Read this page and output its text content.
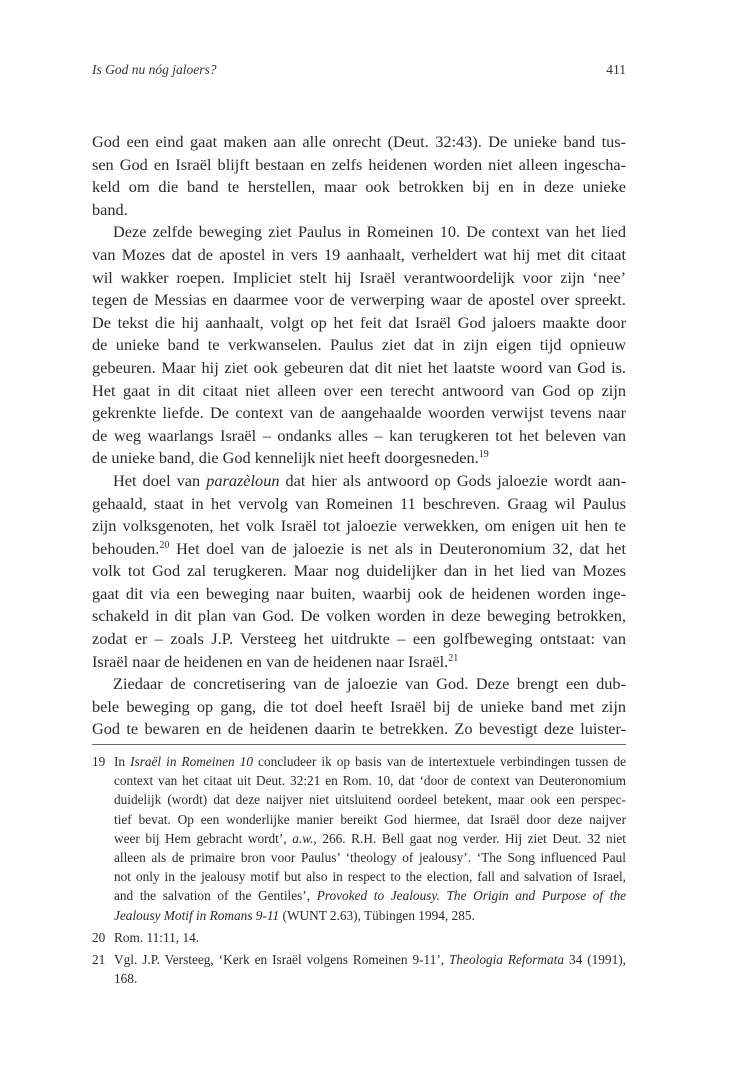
Is God nu nóg jaloers?	411

God een eind gaat maken aan alle onrecht (Deut. 32:43). De unieke band tus-
sen God en Israël blijft bestaan en zelfs heidenen worden niet alleen ingescha-
keld om die band te herstellen, maar ook betrokken bij en in deze unieke
band.

Deze zelfde beweging ziet Paulus in Romeinen 10. De context van het lied
van Mozes dat de apostel in vers 19 aanhaalt, verheldert wat hij met dit citaat
wil wakker roepen. Impliciet stelt hij Israël verantwoordelijk voor zijn ‘nee’
tegen de Messias en daarmee voor de verwerping waar de apostel over spreekt.
De tekst die hij aanhaalt, volgt op het feit dat Israël God jaloers maakte door
de unieke band te verkwanselen. Paulus ziet dat in zijn eigen tijd opnieuw
gebeuren. Maar hij ziet ook gebeuren dat dit niet het laatste woord van God is.
Het gaat in dit citaat niet alleen over een terecht antwoord van God op zijn
gekrenkte liefde. De context van de aangehaalde woorden verwijst tevens naar
de weg waarlangs Israël – ondanks alles – kan terugkeren tot het beleven van
de unieke band, die God kennelijk niet heeft doorgesneden.$^{19}$

Het doel van parazèloun dat hier als antwoord op Gods jaloezie wordt aan-
gehaald, staat in het vervolg van Romeinen 11 beschreven. Graag wil Paulus
zijn volksgenoten, het volk Israël tot jaloezie verwekken, om enigen uit hen te
behouden.$^{20}$ Het doel van de jaloezie is net als in Deuteronomium 32, dat het
volk tot God zal terugkeren. Maar nog duidelijker dan in het lied van Mozes
gaat dit via een beweging naar buiten, waarbij ook de heidenen worden inge-
schakeld in dit plan van God. De volken worden in deze beweging betrokken,
zodat er – zoals J.P. Versteeg het uitdrukte – een golfbeweging ontstaat: van
Israël naar de heidenen en van de heidenen naar Israël.$^{21}$

Ziedaar de concretisering van de jaloezie van God. Deze brengt een dub-
bele beweging op gang, die tot doel heeft Israël bij de unieke band met zijn
God te bewaren en de heidenen daarin te betrekken. Zo bevestigt deze luister-

19 In Israël in Romeinen 10 concludeer ik op basis van de intertextuele verbindingen tussen de
context van het citaat uit Deut. 32:21 en Rom. 10, dat ‘door de context van Deuteronomium
duidelijk (wordt) dat deze naijver niet uitsluitend oordeel betekent, maar ook een perspec-
tief bevat. Op een wonderlijke manier bereikt God hiermee, dat Israël door deze naijver
weer bij Hem gebracht wordt’, a.w., 266. R.H. Bell gaat nog verder. Hij ziet Deut. 32 niet
alleen als de primaire bron voor Paulus’ ‘theology of jealousy’. ‘The Song influenced Paul
not only in the jealousy motif but also in respect to the election, fall and salvation of Israel,
and the salvation of the Gentiles’, Provoked to Jealousy. The Origin and Purpose of the
Jealousy Motif in Romans 9-11 (WUNT 2.63), Tübingen 1994, 285.
20 Rom. 11:11, 14.
21 Vgl. J.P. Versteeg, ‘Kerk en Israël volgens Romeinen 9-11’, Theologia Reformata 34 (1991),
168.
